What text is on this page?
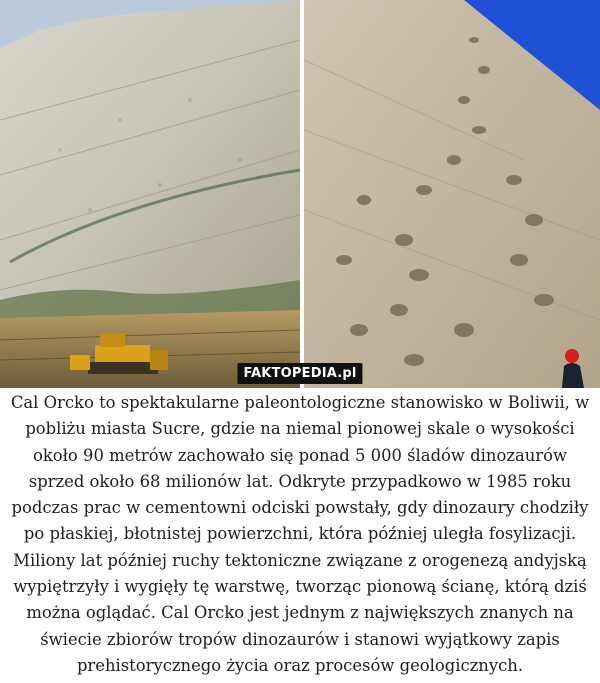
FAKTOPEDIA.pl
Cal Orcko to spektakularne paleontologiczne stanowisko w Boliwii, w pobliżu miasta Sucre, gdzie na niemal pionowej skale o wysokości około 90 metrów zachowało się ponad 5 000 śladów dinozaurów sprzed około 68 milionów lat. Odkryte przypadkowo w 1985 roku podczas prac w cementowni odciski powstały, gdy dinozaury chodziły po płaskiej, błotnistej powierzchni, która później uległa fosylizacji. Miliony lat później ruchy tektoniczne związane z orogenezą andyjską wypiętrzyły i wygięły tę warstwę, tworząc pionową ścianę, którą dziś można oglądać. Cal Orcko jest jednym z największych znanych na świecie zbiorów tropów dinozaurów i stanowi wyjątkowy zapis prehistorycznego życia oraz procesów geologicznych.
